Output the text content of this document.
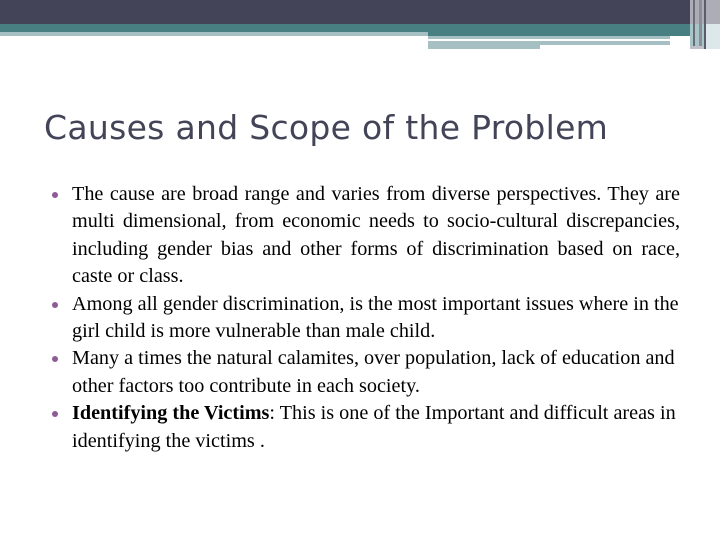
Causes and Scope of the Problem
The cause are broad range and varies from diverse perspectives. They are multi dimensional, from economic needs to socio-cultural discrepancies, including gender bias and other forms of discrimination based on race, caste or class.
Among all gender discrimination, is the most important issues where in the girl child is more vulnerable than male child.
Many a times the natural calamites, over population, lack of education and other factors too contribute in each society.
Identifying the Victims: This is one of the Important and difficult areas in identifying the victims .
